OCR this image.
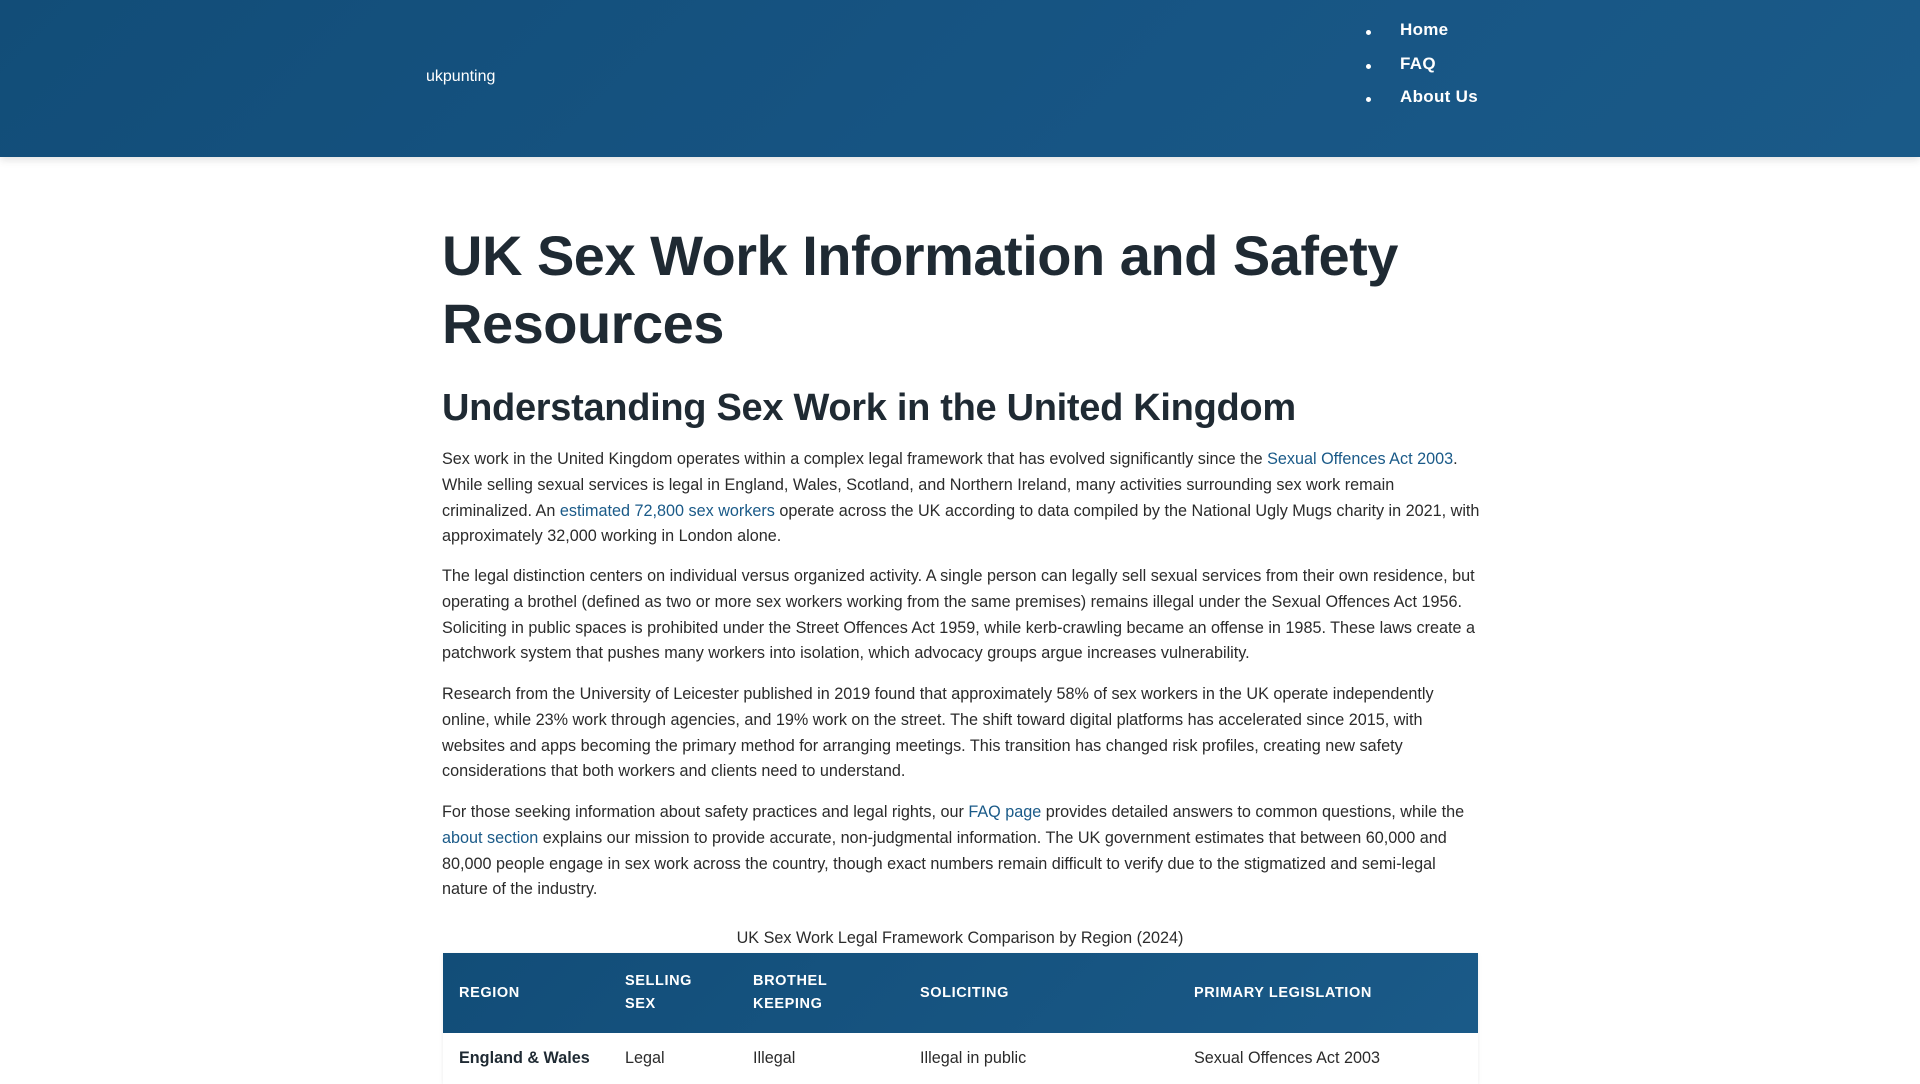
ukpunting
Home
FAQ
About Us
UK Sex Work Information and Safety Resources
Understanding Sex Work in the United Kingdom

Sex work in the United Kingdom operates within a complex legal framework that has evolved significantly since the Sexual Offences Act 2003. While selling sexual services is legal in England, Wales, Scotland, and Northern Ireland, many activities surrounding sex work remain criminalized. An estimated 72,800 sex workers operate across the UK according to data compiled by the National Ugly Mugs charity in 2021, with approximately 32,000 working in London alone.

The legal distinction centers on individual versus organized activity. A single person can legally sell sexual services from their own residence, but operating a brothel (defined as two or more sex workers working from the same premises) remains illegal under the Sexual Offences Act 1956. Soliciting in public spaces is prohibited under the Street Offences Act 1959, while kerb-crawling became an offense in 1985. These laws create a patchwork system that pushes many workers into isolation, which advocacy groups argue increases vulnerability.

Research from the University of Leicester published in 2019 found that approximately 58% of sex workers in the UK operate independently online, while 23% work through agencies, and 19% work on the street. The shift toward digital platforms has accelerated since 2015, with websites and apps becoming the primary method for arranging meetings. This transition has changed risk profiles, creating new safety considerations that both workers and clients need to understand.

For those seeking information about safety practices and legal rights, our FAQ page provides detailed answers to common questions, while the about section explains our mission to provide accurate, non-judgmental information. The UK government estimates that between 60,000 and 80,000 people engage in sex work across the country, though exact numbers remain difficult to verify due to the stigmatized and semi-legal nature of the industry.

UK Sex Work Legal Framework Comparison by Region (2024)
REGION	SELLING SEX	BROTHEL KEEPING	SOLICITING	PRIMARY LEGISLATION
England & Wales	Legal	Illegal	Illegal in public	Sexual Offences Act 2003
